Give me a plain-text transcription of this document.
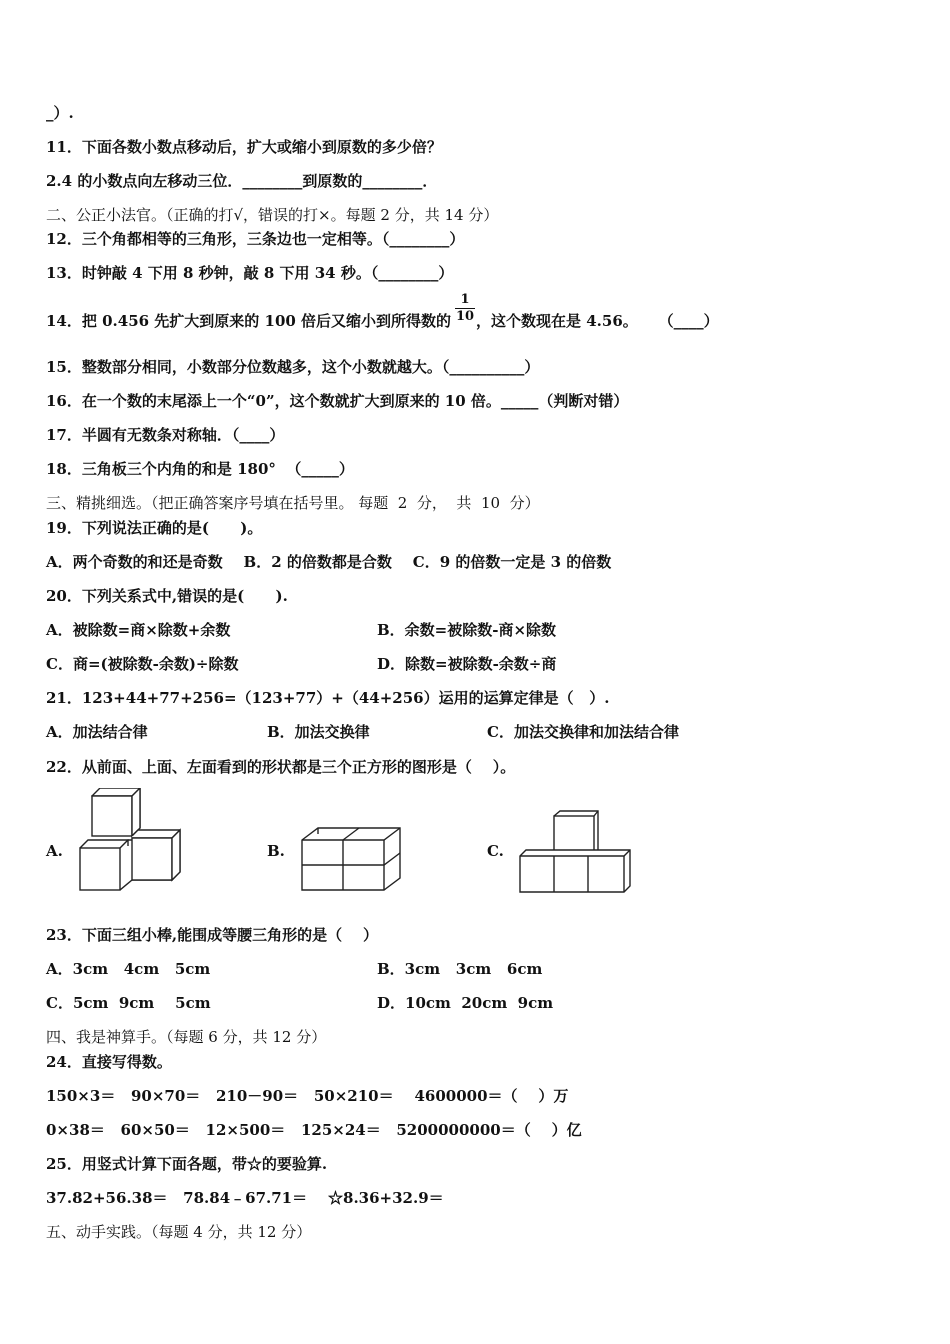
_）.
11．下面各数小数点移动后，扩大或缩小到原数的多少倍？
2.4 的小数点向左移动三位．________到原数的________．
二、公正小法官。（正确的打√，错误的打×。每题 2 分，共 14 分）
12．三个角都相等的三角形，三条边也一定相等。（________）
13．时钟敲 4 下用 8 秒钟，敲 8 下用 34 秒。（________）
14．把 0.456 先扩大到原来的 100 倍后又缩小到所得数的
1
10 ，这个数现在是 4.56。    （____）
15．整数部分相同，小数部分位数越多，这个小数就越大。（__________）
16．在一个数的末尾添上一个“0”，这个数就扩大到原来的 10 倍。_____（判断对错）
17．半圆有无数条对称轴．（____）
18．三角板三个内角的和是 180°  （_____）
三、精挑细选。（把正确答案序号填在括号里。 每题  2  分，  共  10  分）
19．下列说法正确的是(      )。
A．两个奇数的和还是奇数    B．2 的倍数都是合数    C．9 的倍数一定是 3 的倍数
20．下列关系式中,错误的是(      ).
A．被除数=商×除数+余数	B．余数=被除数-商×除数
C．商=(被除数-余数)÷除数	D．除数=被除数-余数÷商
21．123+44+77+256=（123+77）+（44+256）运用的运算定律是（   ）.
A．加法结合律	B．加法交换律	C．加法交换律和加法结合律
22．从前面、上面、左面看到的形状都是三个正方形的图形是（    ）。
A.	B.	C.
23．下面三组小棒,能围成等腰三角形的是（    ）
A．3cm   4cm   5cm	B．3cm   3cm   6cm
C．5cm  9cm    5cm	D．10cm  20cm  9cm
四、我是神算手。（每题 6 分，共 12 分）
24．直接写得数。
150×3＝   90×70＝   210－90＝   50×210＝    4600000＝（    ）万
0×38＝   60×50＝   12×500＝   125×24＝   5200000000＝（    ）亿
25．用竖式计算下面各题，带☆的要验算.
37.82+56.38＝   78.84﹣67.71＝    ☆8.36+32.9＝
五、动手实践。（每题 4 分，共 12 分）
